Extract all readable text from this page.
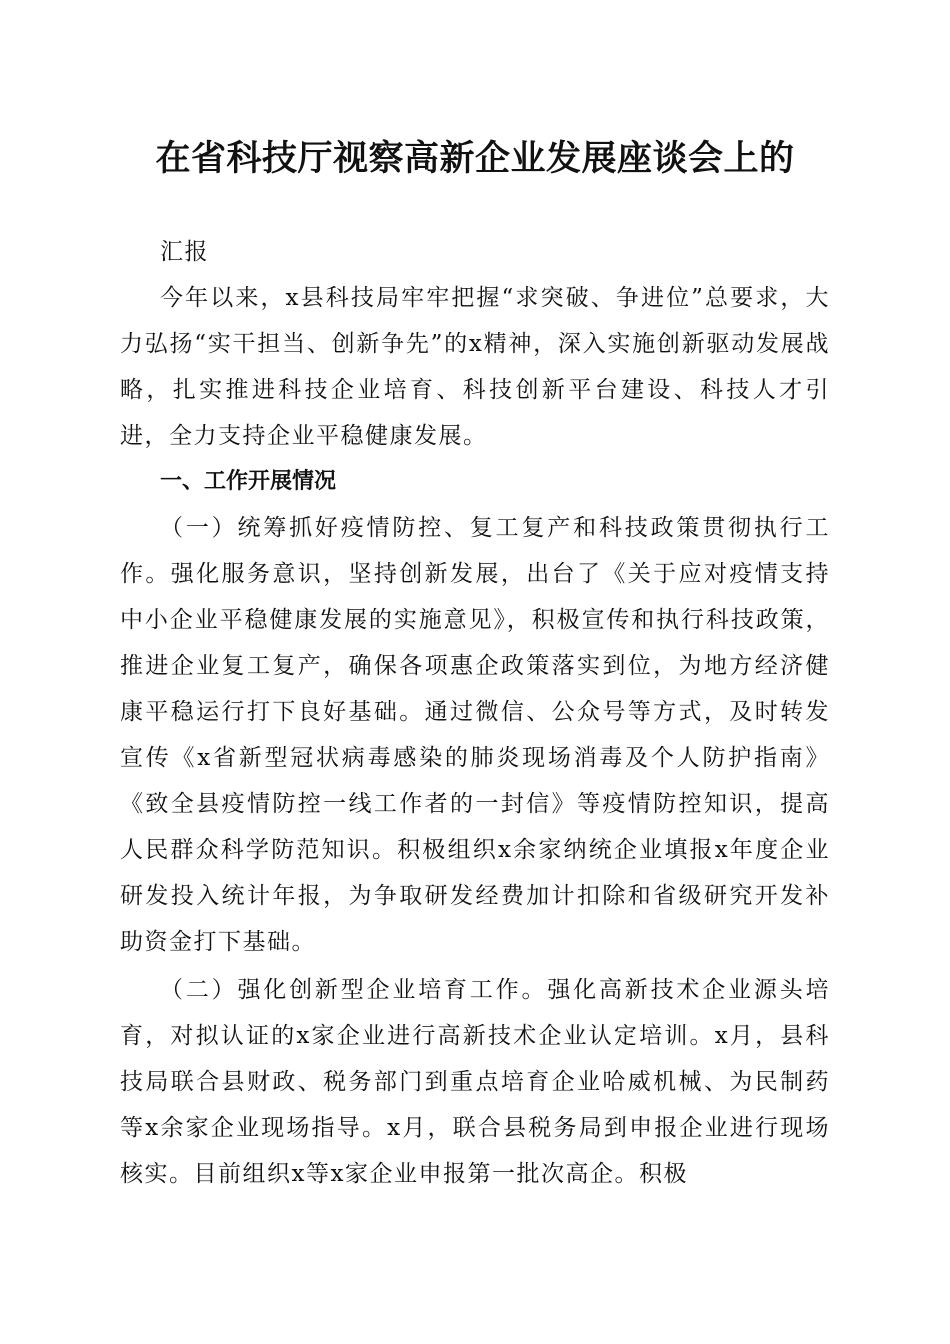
在省科技厅视察高新企业发展座谈会上的

汇报

今年以来，x县科技局牢牢把握“求突破、争进位”总要求，大力弘扬“实干担当、创新争先”的x精神，深入实施创新驱动发展战略，扎实推进科技企业培育、科技创新平台建设、科技人才引进，全力支持企业平稳健康发展。

一、工作开展情况

（一）统筹抓好疫情防控、复工复产和科技政策贯彻执行工作。强化服务意识，坚持创新发展，出台了《关于应对疫情支持中小企业平稳健康发展的实施意见》，积极宣传和执行科技政策，推进企业复工复产，确保各项惠企政策落实到位，为地方经济健康平稳运行打下良好基础。通过微信、公众号等方式，及时转发宣传《x省新型冠状病毒感染的肺炎现场消毒及个人防护指南》《致全县疫情防控一线工作者的一封信》等疫情防控知识，提高人民群众科学防范知识。积极组织x余家纳统企业填报x年度企业研发投入统计年报，为争取研发经费加计扣除和省级研究开发补助资金打下基础。

（二）强化创新型企业培育工作。强化高新技术企业源头培育，对拟认证的x家企业进行高新技术企业认定培训。x月，县科技局联合县财政、税务部门到重点培育企业哈威机械、为民制药等x余家企业现场指导。x月，联合县税务局到申报企业进行现场核实。目前组织x等x家企业申报第一批次高企。积极
